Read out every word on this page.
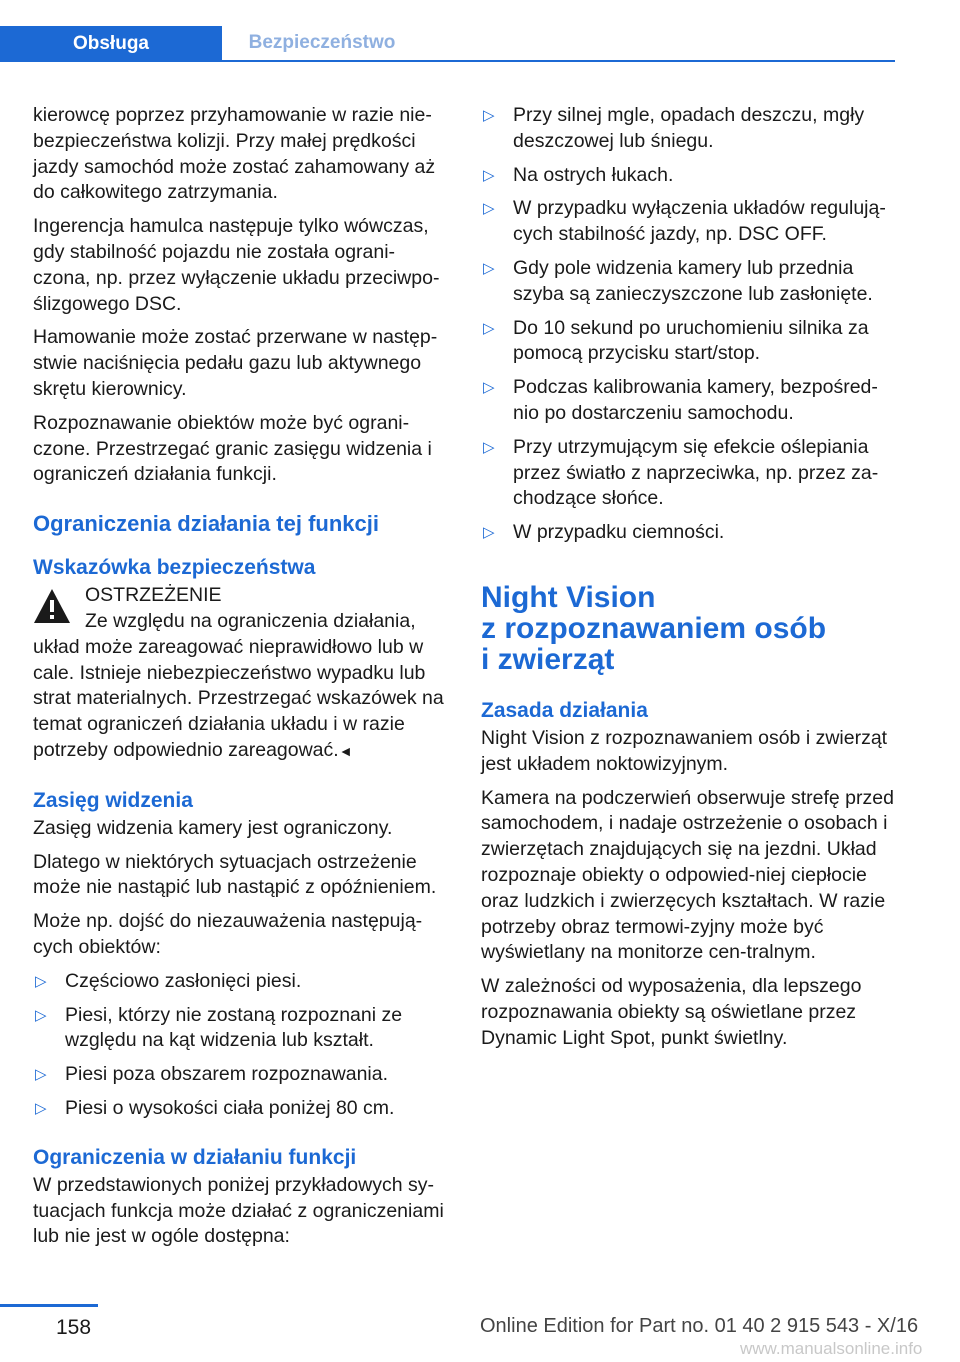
Obsługa	Bezpieczeństwo

kierowcę poprzez przyhamowanie w razie nie‐bezpieczeństwa kolizji. Przy małej prędkości jazdy samochód może zostać zahamowany aż do całkowitego zatrzymania.

Ingerencja hamulca następuje tylko wówczas, gdy stabilność pojazdu nie została ograni‐czona, np. przez wyłączenie układu przeciwpo‐ślizgowego DSC.

Hamowanie może zostać przerwane w następ‐stwie naciśnięcia pedału gazu lub aktywnego skrętu kierownicy.

Rozpoznawanie obiektów może być ograni‐czone. Przestrzegać granic zasięgu widzenia i ograniczeń działania funkcji.

Ograniczenia działania tej funkcji
Wskazówka bezpieczeństwa
OSTRZEŻENIE

Ze względu na ograniczenia działania, układ może zareagować nieprawidłowo lub w cale. Istnieje niebezpieczeństwo wypadku lub strat materialnych. Przestrzegać wskazówek na temat ograniczeń działania układu i w razie potrzeby odpowiednio zareagować.◄

Zasięg widzenia

Zasięg widzenia kamery jest ograniczony.

Dlatego w niektórych sytuacjach ostrzeżenie może nie nastąpić lub nastąpić z opóźnieniem.

Może np. dojść do niezauważenia następują‐cych obiektów:

▷ Częściowo zasłonięci piesi.
▷ Piesi, którzy nie zostaną rozpoznani ze względu na kąt widzenia lub kształt.
▷ Piesi poza obszarem rozpoznawania.
▷ Piesi o wysokości ciała poniżej 80 cm.
Ograniczenia w działaniu funkcji

W przedstawionych poniżej przykładowych sy‐tuacjach funkcja może działać z ograniczeniami lub nie jest w ogóle dostępna:

▷ Przy silnej mgle, opadach deszczu, mgły deszczowej lub śniegu.
▷ Na ostrych łukach.
▷ W przypadku wyłączenia układów regulują‐cych stabilność jazdy, np. DSC OFF.
▷ Gdy pole widzenia kamery lub przednia szyba są zanieczyszczone lub zasłonięte.
▷ Do 10 sekund po uruchomieniu silnika za pomocą przycisku start/stop.
▷ Podczas kalibrowania kamery, bezpośred‐nio po dostarczeniu samochodu.
▷ Przy utrzymującym się efekcie oślepiania przez światło z naprzeciwka, np. przez za‐chodzące słońce.
▷ W przypadku ciemności.
Night Vision
z rozpoznawaniem osób
i zwierząt
Zasada działania

Night Vision z rozpoznawaniem osób i zwierząt jest układem noktowizyjnym.

Kamera na podczerwień obserwuje strefę przed samochodem, i nadaje ostrzeżenie o osobach i zwierzętach znajdujących się na jezdni. Układ rozpoznaje obiekty o odpowied‐niej ciepłocie oraz ludzkich i zwierzęcych kształtach. W razie potrzeby obraz termowi‐zyjny może być wyświetlany na monitorze cen‐tralnym.

W zależności od wyposażenia, dla lepszego rozpoznawania obiekty są oświetlane przez Dynamic Light Spot, punkt świetlny.

158	Online Edition for Part no. 01 40 2 915 543 - X/16
www.manualsonline.info
